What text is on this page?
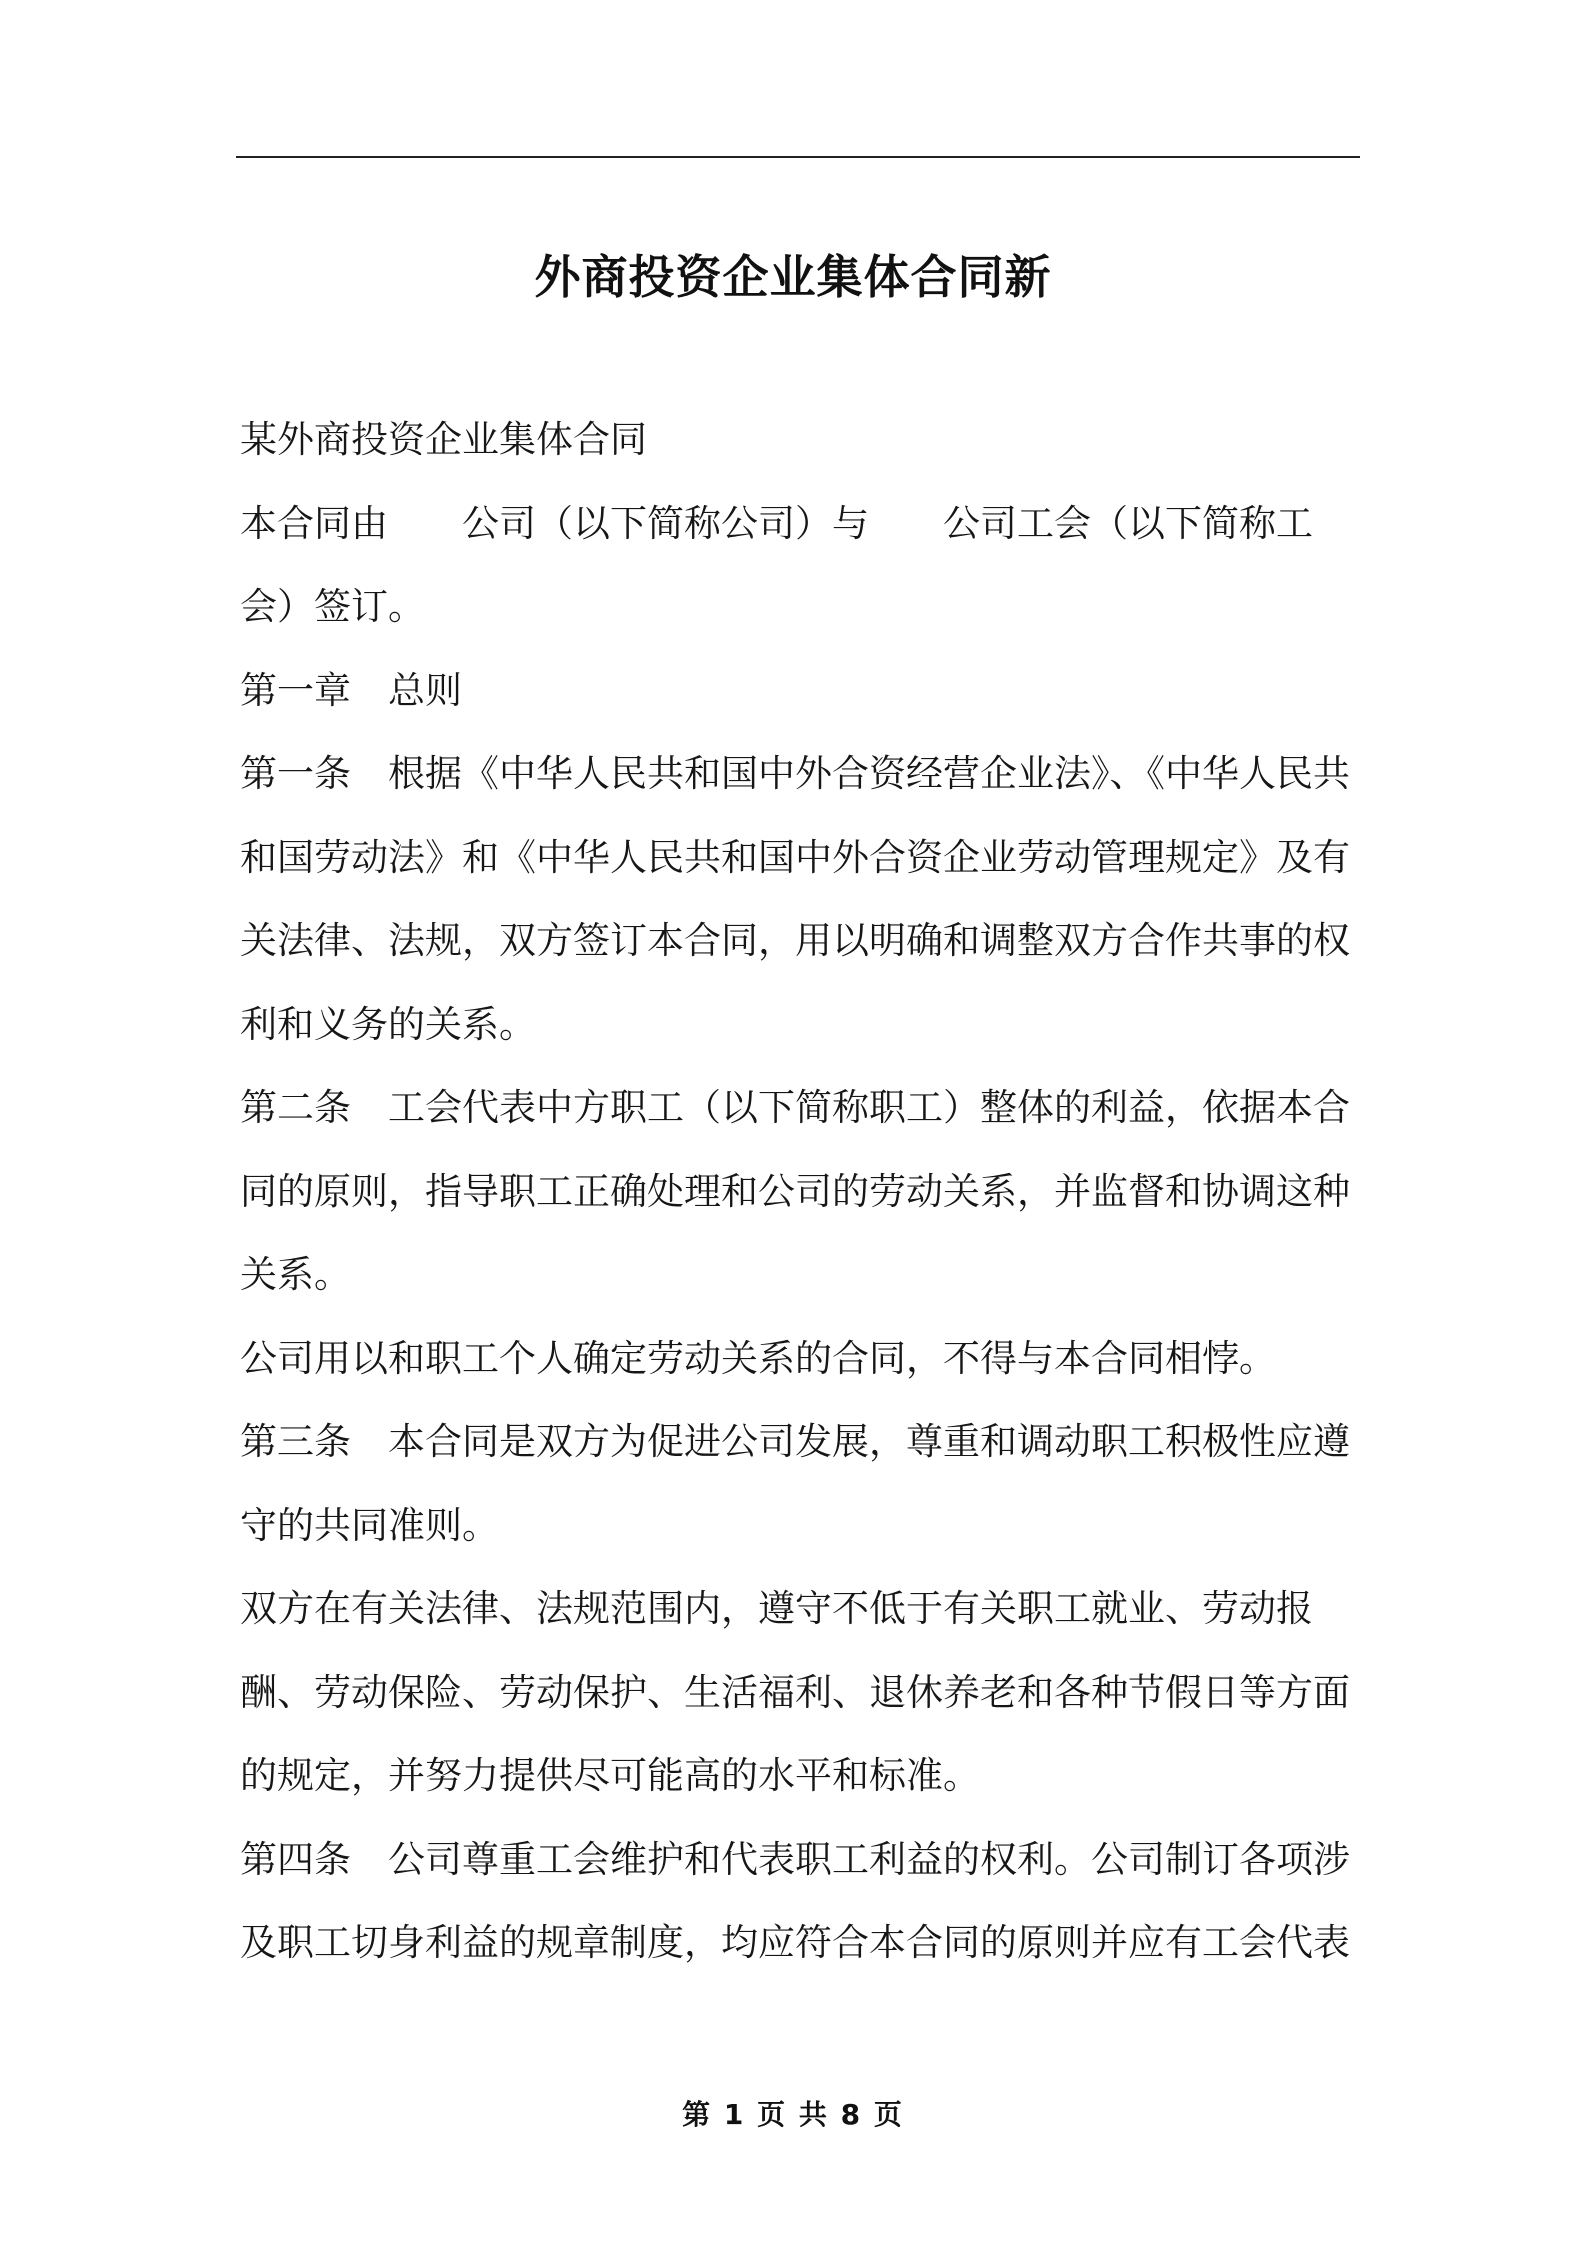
外商投资企业集体合同新

某外商投资企业集体合同

本合同由　　公司（以下简称公司）与　　公司工会（以下简称工会）签订。

第一章　总则

第一条　根据《中华人民共和国中外合资经营企业法》、《中华人民共和国劳动法》和《中华人民共和国中外合资企业劳动管理规定》及有关法律、法规，双方签订本合同，用以明确和调整双方合作共事的权利和义务的关系。

第二条　工会代表中方职工（以下简称职工）整体的利益，依据本合同的原则，指导职工正确处理和公司的劳动关系，并监督和协调这种关系。

公司用以和职工个人确定劳动关系的合同，不得与本合同相悖。

第三条　本合同是双方为促进公司发展，尊重和调动职工积极性应遵守的共同准则。

双方在有关法律、法规范围内，遵守不低于有关职工就业、劳动报酬、劳动保险、劳动保护、生活福利、退休养老和各种节假日等方面的规定，并努力提供尽可能高的水平和标准。

第四条　公司尊重工会维护和代表职工利益的权利。公司制订各项涉及职工切身利益的规章制度，均应符合本合同的原则并应有工会代表

第 1 页 共 8 页
